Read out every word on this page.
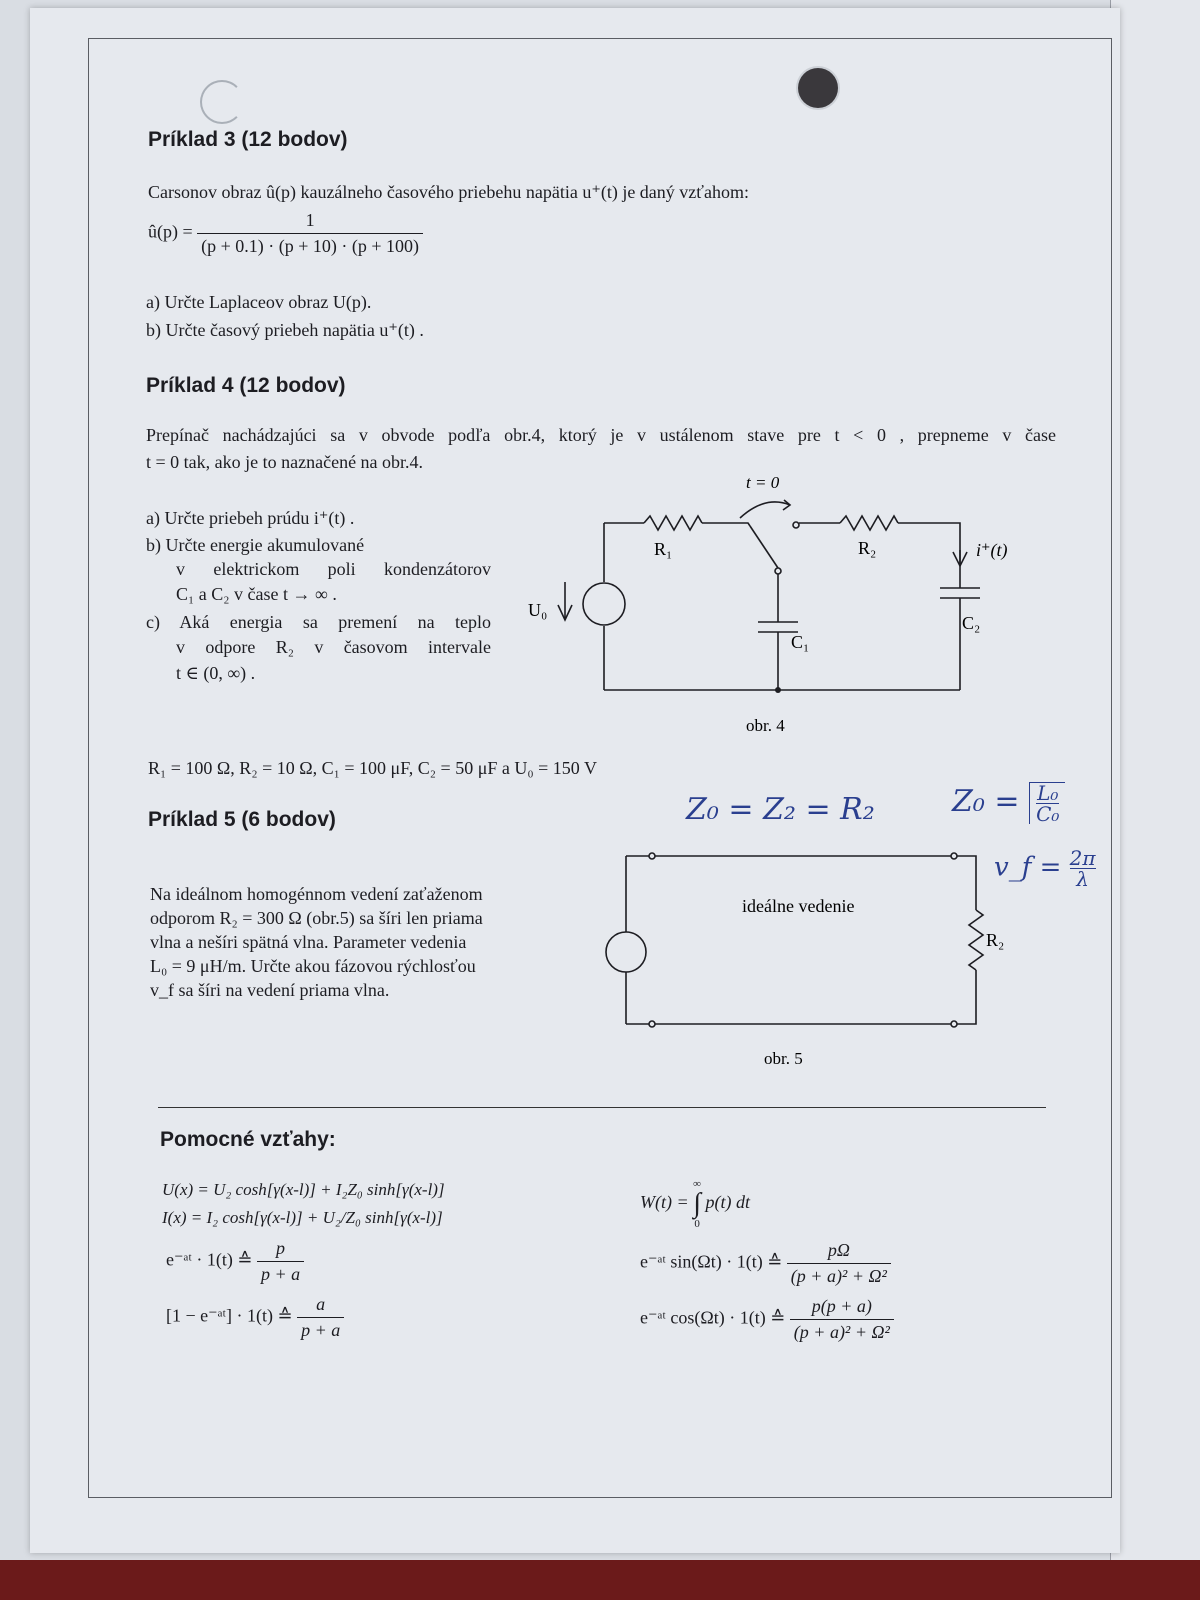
Príklad 3 (12 bodov)
Carsonov obraz û(p) kauzálneho časového priebehu napätia u⁺(t) je daný vzťahom:
û(p) = $\frac{1}{(p + 0.1) \cdot (p + 10) \cdot (p + 100)}$
a) Určte Laplaceov obraz U(p).
b) Určte časový priebeh napätia u⁺(t) .
Príklad 4 (12 bodov)
Prepínač nachádzajúci sa v obvode podľa obr.4, ktorý je v ustálenom stave pre t < 0 , prepneme v čase
t = 0 tak, ako je to naznačené na obr.4.
a) Určte priebeh prúdu i⁺(t) .
b) Určte energie akumulované
v elektrickom poli kondenzátorov
C₁ a C₂ v čase t → ∞ .
c) Aká energia sa premení na teplo
v odpore R₂ v časovom intervale
t ∈ (0, ∞) .
t = 0
R₁	R₂
U₀
C₁
C₂
i⁺(t)
obr. 4
R₁ = 100 Ω, R₂ = 10 Ω, C₁ = 100 μF, C₂ = 50 μF a U₀ = 150 V
Príklad 5 (6 bodov)
Na ideálnom homogénnom vedení zaťaženom
odporom R₂ = 300 Ω (obr.5) sa šíri len priama
vlna a nešíri spätná vlna. Parameter vedenia
L₀ = 9 μH/m. Určte akou fázovou rýchlosťou
v_f sa šíri na vedení priama vlna.
ideálne vedenie
R₂
obr. 5
Z₀ = Z₂ = R₂	$Z_0 = \frac{\text{L₀}}{\text{C₀}}$
v_f = $\frac{2\pi}{\lambda}$
Pomocné vzťahy:
U(x) = U₂ cosh[γ(x-l)] + I₂Z₀ sinh[γ(x-l)]
I(x) = I₂ cosh[γ(x-l)] + U₂/Z₀ sinh[γ(x-l)]
e⁻ᵃᵗ · 1(t) ≙ $\frac{p}{p + a}$
[1 − e⁻ᵃᵗ] · 1(t) ≙ $\frac{a}{p + a}$
W(t) =
∞
∫
0
p(t) dt
e⁻ᵃᵗ sin(Ωt) · 1(t) ≙ $\frac{p\Omega}{\text{(p + a)² + Ω²}}$
e⁻ᵃᵗ cos(Ωt) · 1(t) ≙ $\frac{p(p + a)}{\text{(p + a)² + Ω²}}$
